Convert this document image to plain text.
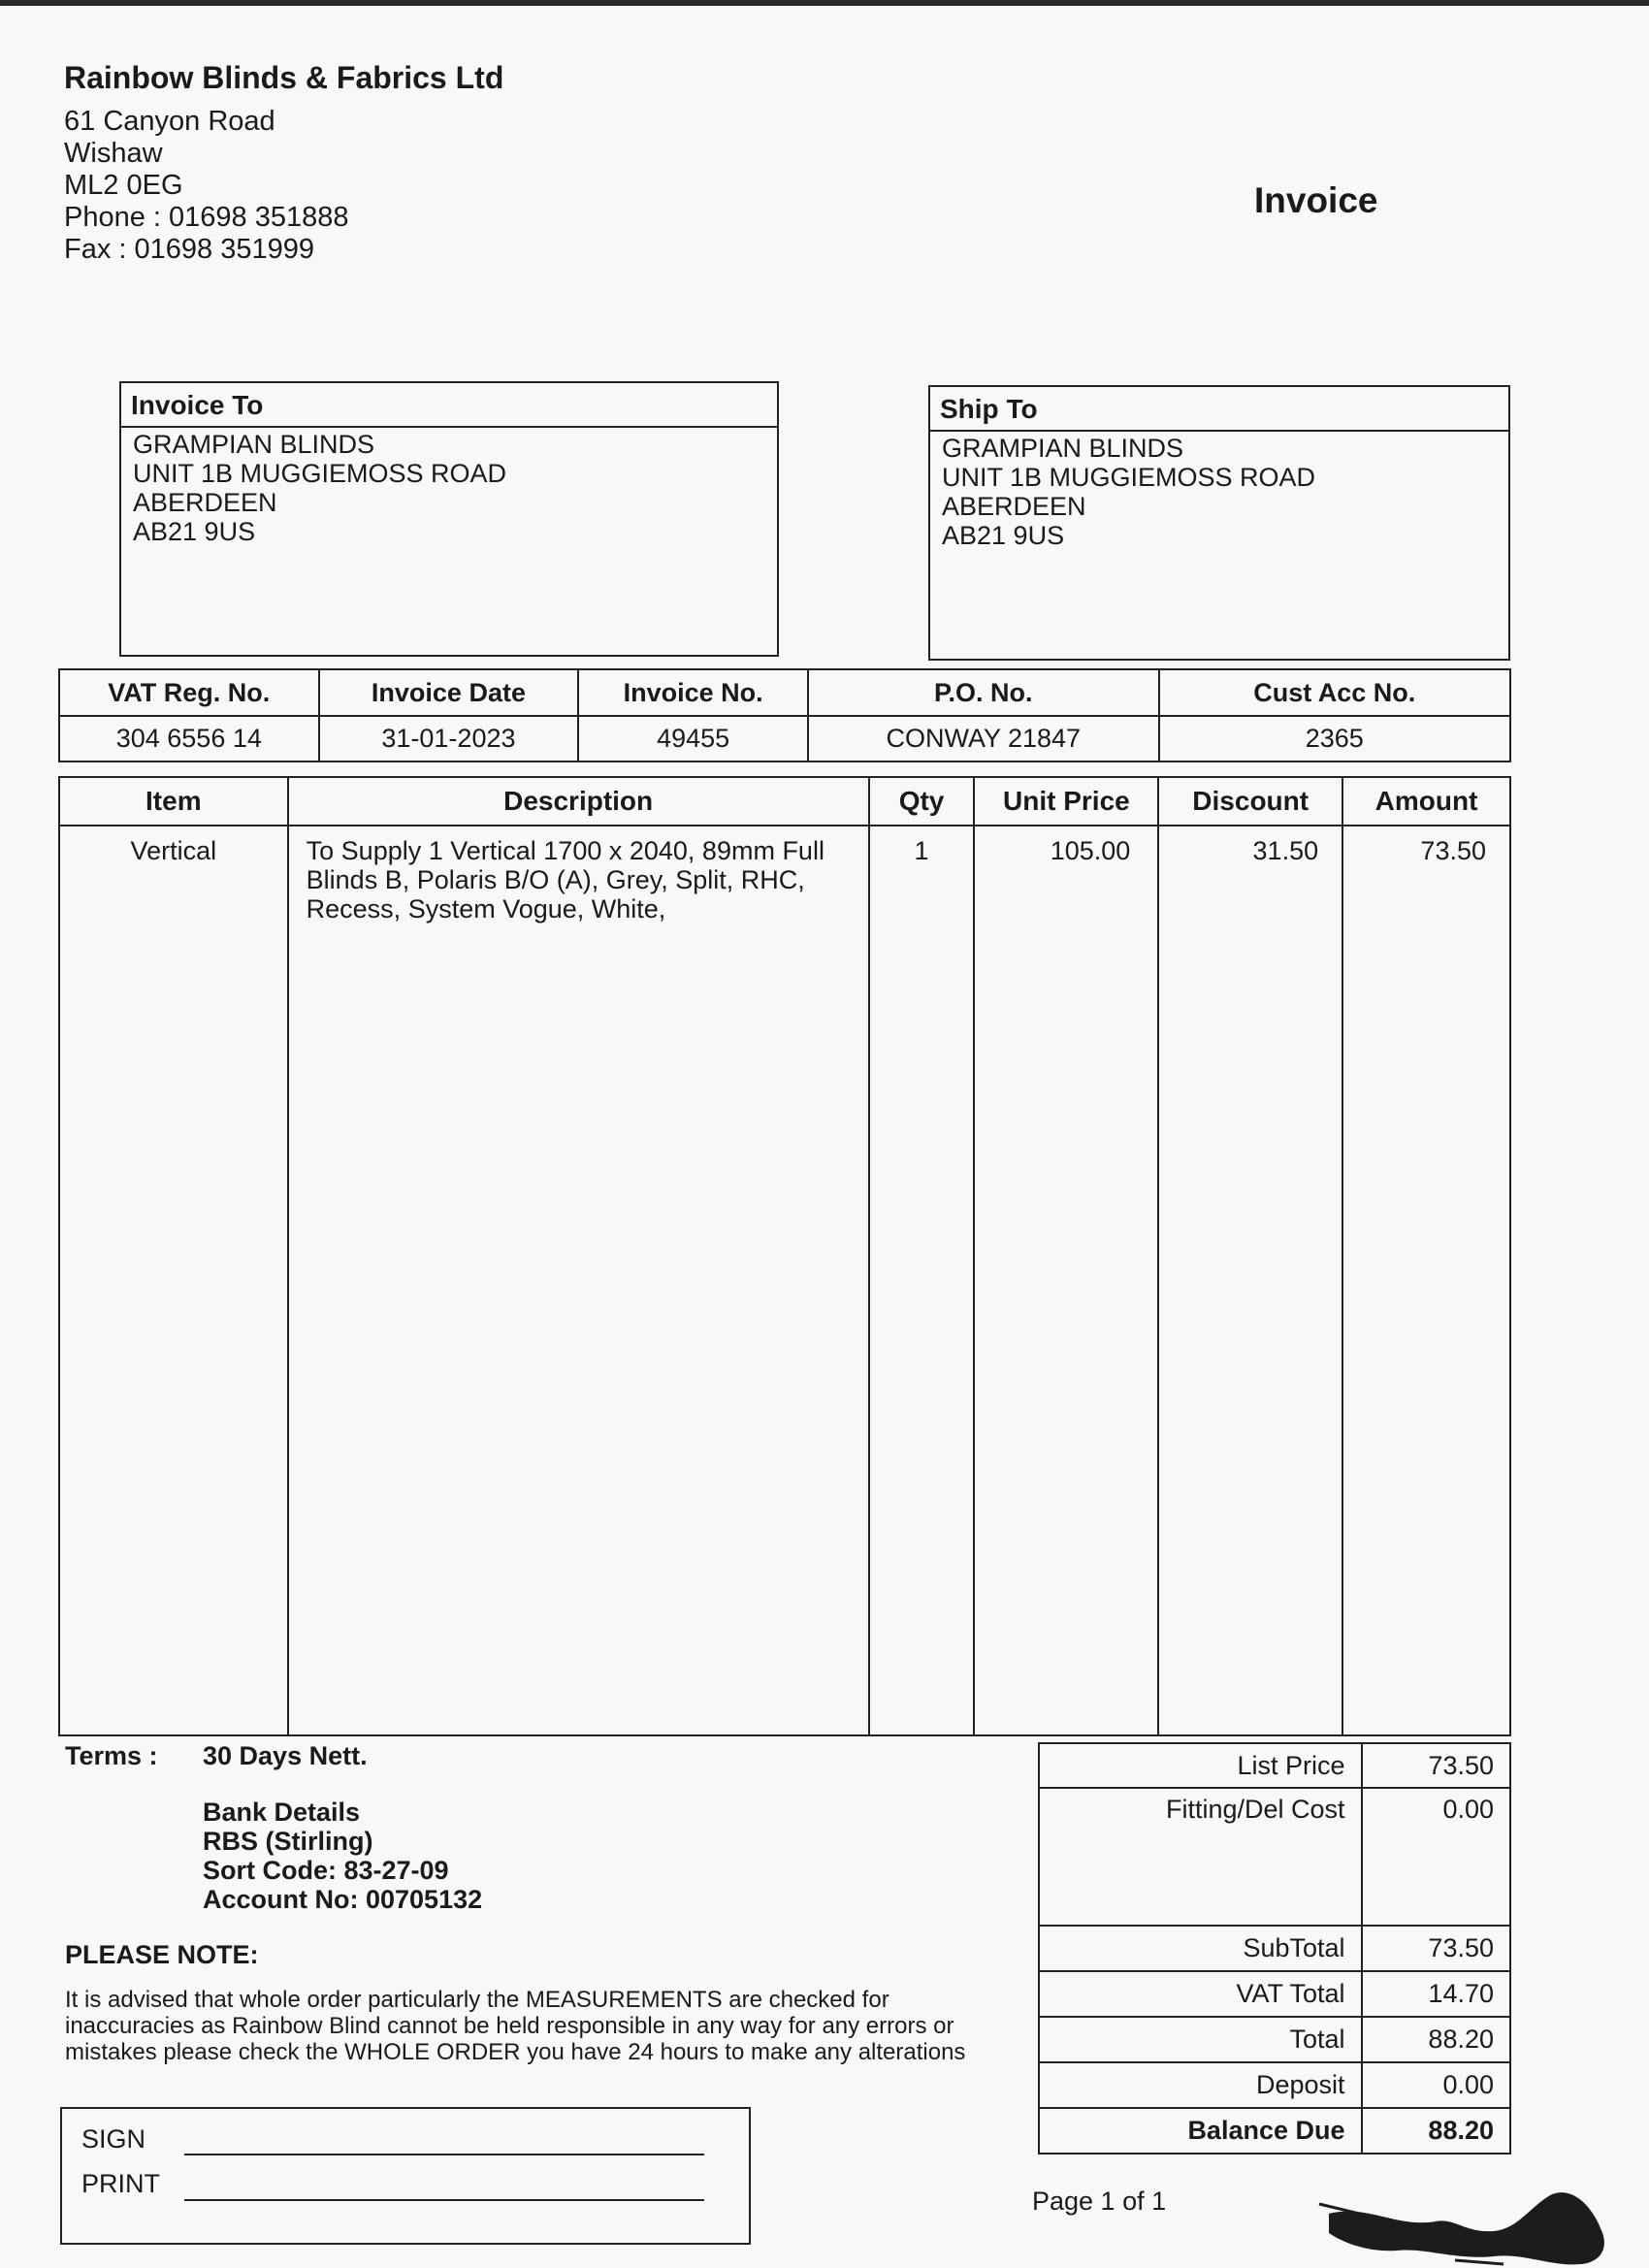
Rainbow Blinds & Fabrics Ltd
61 Canyon Road
Wishaw
ML2 0EG
Phone : 01698 351888
Fax : 01698 351999
Invoice
Invoice To
GRAMPIAN BLINDS
UNIT 1B MUGGIEMOSS ROAD
ABERDEEN
AB21 9US
Ship To
GRAMPIAN BLINDS
UNIT 1B MUGGIEMOSS ROAD
ABERDEEN
AB21 9US
VAT Reg. No.	Invoice Date	Invoice No.	P.O. No.	Cust Acc No.
304 6556 14	31-01-2023	49455	CONWAY 21847	2365
Item	Description	Qty	Unit Price	Discount	Amount
Vertical	To Supply 1 Vertical 1700 x 2040, 89mm Full
Blinds B, Polaris B/O (A), Grey, Split, RHC,
Recess, System Vogue, White,	1	105.00	31.50	73.50
Terms : 30 Days Nett.
Bank Details
RBS (Stirling)
Sort Code: 83-27-09
Account No: 00705132
PLEASE NOTE:
It is advised that whole order particularly the MEASUREMENTS are checked for
inaccuracies as Rainbow Blind cannot be held responsible in any way for any errors or
mistakes please check the WHOLE ORDER you have 24 hours to make any alterations
SIGN
PRINT
List Price	73.50
Fitting/Del Cost	0.00
SubTotal	73.50
VAT Total	14.70
Total	88.20
Deposit	0.00
Balance Due	88.20
Page 1 of 1
